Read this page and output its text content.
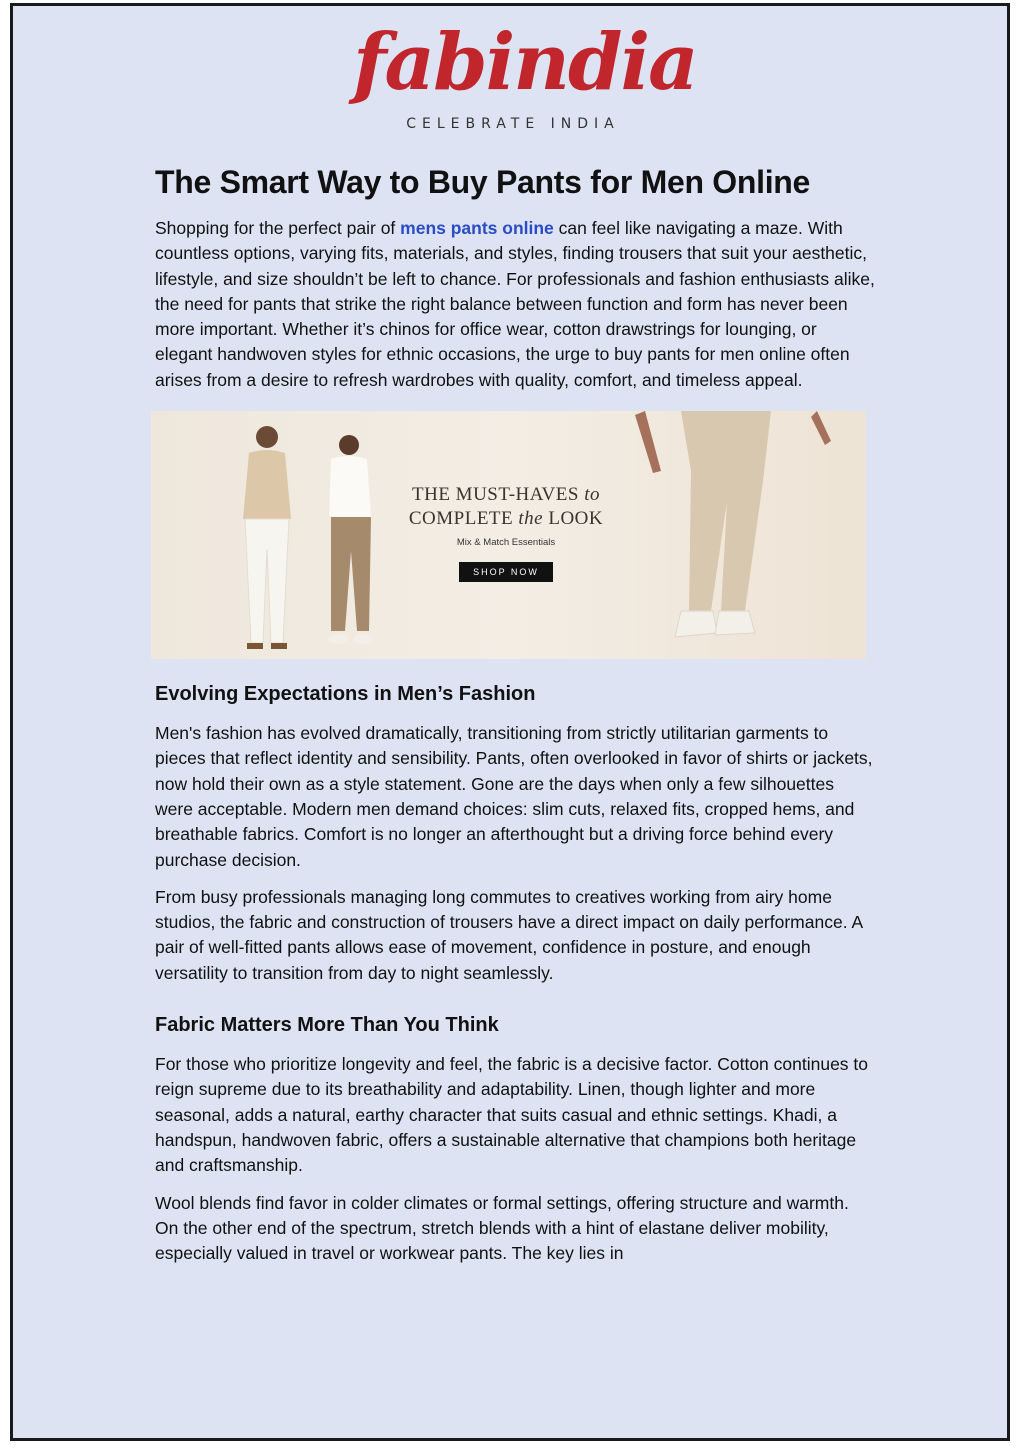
fabindia
CELEBRATE INDIA
The Smart Way to Buy Pants for Men Online

Shopping for the perfect pair of mens pants online can feel like navigating a maze. With countless options, varying fits, materials, and styles, finding trousers that suit your aesthetic, lifestyle, and size shouldn’t be left to chance. For professionals and fashion enthusiasts alike, the need for pants that strike the right balance between function and form has never been more important. Whether it’s chinos for office wear, cotton drawstrings for lounging, or elegant handwoven styles for ethnic occasions, the urge to buy pants for men online often arises from a desire to refresh wardrobes with quality, comfort, and timeless appeal.

THE MUST-HAVES to
COMPLETE the LOOK
Mix & Match Essentials
SHOP NOW
Evolving Expectations in Men’s Fashion

Men's fashion has evolved dramatically, transitioning from strictly utilitarian garments to pieces that reflect identity and sensibility. Pants, often overlooked in favor of shirts or jackets, now hold their own as a style statement. Gone are the days when only a few silhouettes were acceptable. Modern men demand choices: slim cuts, relaxed fits, cropped hems, and breathable fabrics. Comfort is no longer an afterthought but a driving force behind every purchase decision.

From busy professionals managing long commutes to creatives working from airy home studios, the fabric and construction of trousers have a direct impact on daily performance. A pair of well-fitted pants allows ease of movement, confidence in posture, and enough versatility to transition from day to night seamlessly.

Fabric Matters More Than You Think

For those who prioritize longevity and feel, the fabric is a decisive factor. Cotton continues to reign supreme due to its breathability and adaptability. Linen, though lighter and more seasonal, adds a natural, earthy character that suits casual and ethnic settings. Khadi, a handspun, handwoven fabric, offers a sustainable alternative that champions both heritage and craftsmanship.

Wool blends find favor in colder climates or formal settings, offering structure and warmth. On the other end of the spectrum, stretch blends with a hint of elastane deliver mobility, especially valued in travel or workwear pants. The key lies in
